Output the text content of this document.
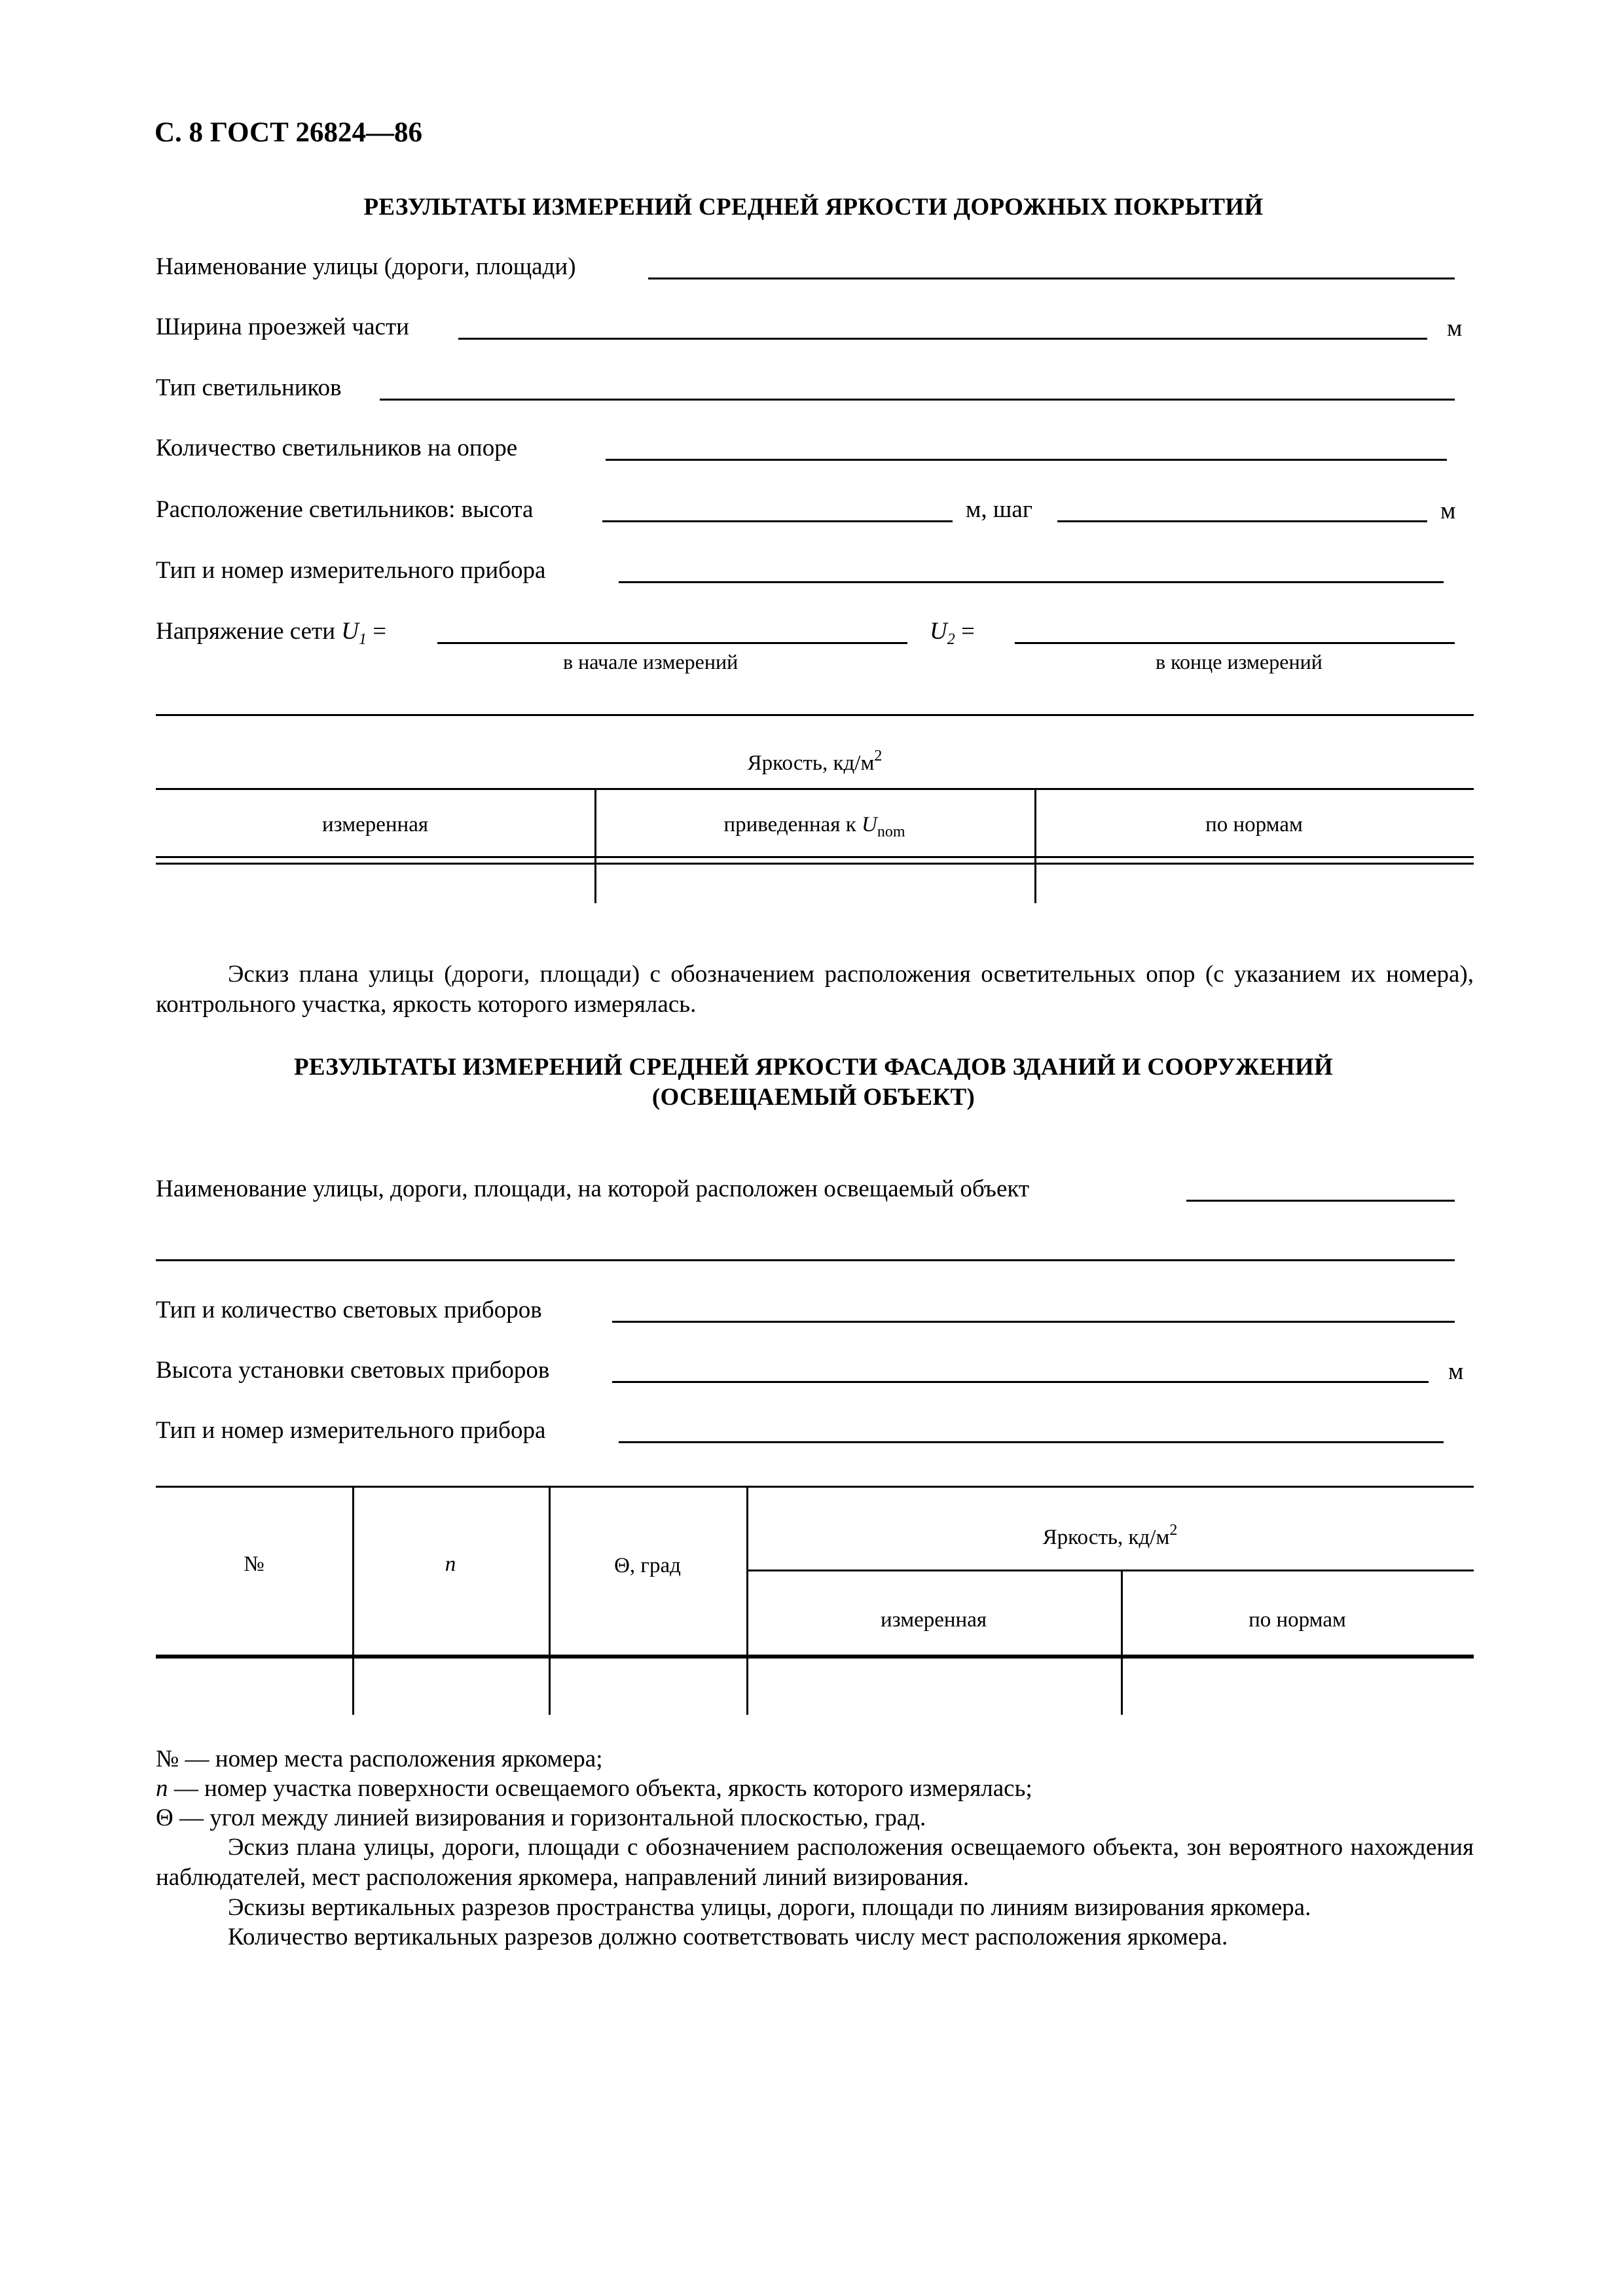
С. 8 ГОСТ 26824—86
РЕЗУЛЬТАТЫ ИЗМЕРЕНИЙ СРЕДНЕЙ ЯРКОСТИ ДОРОЖНЫХ ПОКРЫТИЙ
Наименование улицы (дороги, площади)
Ширина проезжей части	м
Тип светильников
Количество светильников на опоре
Расположение светильников: высота	м, шаг	м
Тип и номер измерительного прибора
Напряжение сети $U_1$ =	$U_2$ =
в начале измерений	в конце измерений
Яркость, $кд/м^2$
измеренная	приведенная к $U_{nom}$	по нормам
Эскиз плана улицы (дороги, площади) с обозначением расположения осветительных опор (с указанием их номера), контрольного участка, яркость которого измерялась.
РЕЗУЛЬТАТЫ ИЗМЕРЕНИЙ СРЕДНЕЙ ЯРКОСТИ ФАСАДОВ ЗДАНИЙ И СООРУЖЕНИЙ
(ОСВЕЩАЕМЫЙ ОБЪЕКТ)
Наименование улицы, дороги, площади, на которой расположен освещаемый объект
Тип и количество световых приборов
Высота установки световых приборов	м
Тип и номер измерительного прибора
№	n	Θ, град
Яркость, $кд/м^2$
измеренная	по нормам
№ — номер места расположения яркомера;
n — номер участка поверхности освещаемого объекта, яркость которого измерялась;
Θ — угол между линией визирования и горизонтальной плоскостью, град.
Эскиз плана улицы, дороги, площади с обозначением расположения освещаемого объекта, зон вероятного нахождения наблюдателей, мест расположения яркомера, направлений линий визирования.
Эскизы вертикальных разрезов пространства улицы, дороги, площади по линиям визирования яркомера.
Количество вертикальных разрезов должно соответствовать числу мест расположения яркомера.
